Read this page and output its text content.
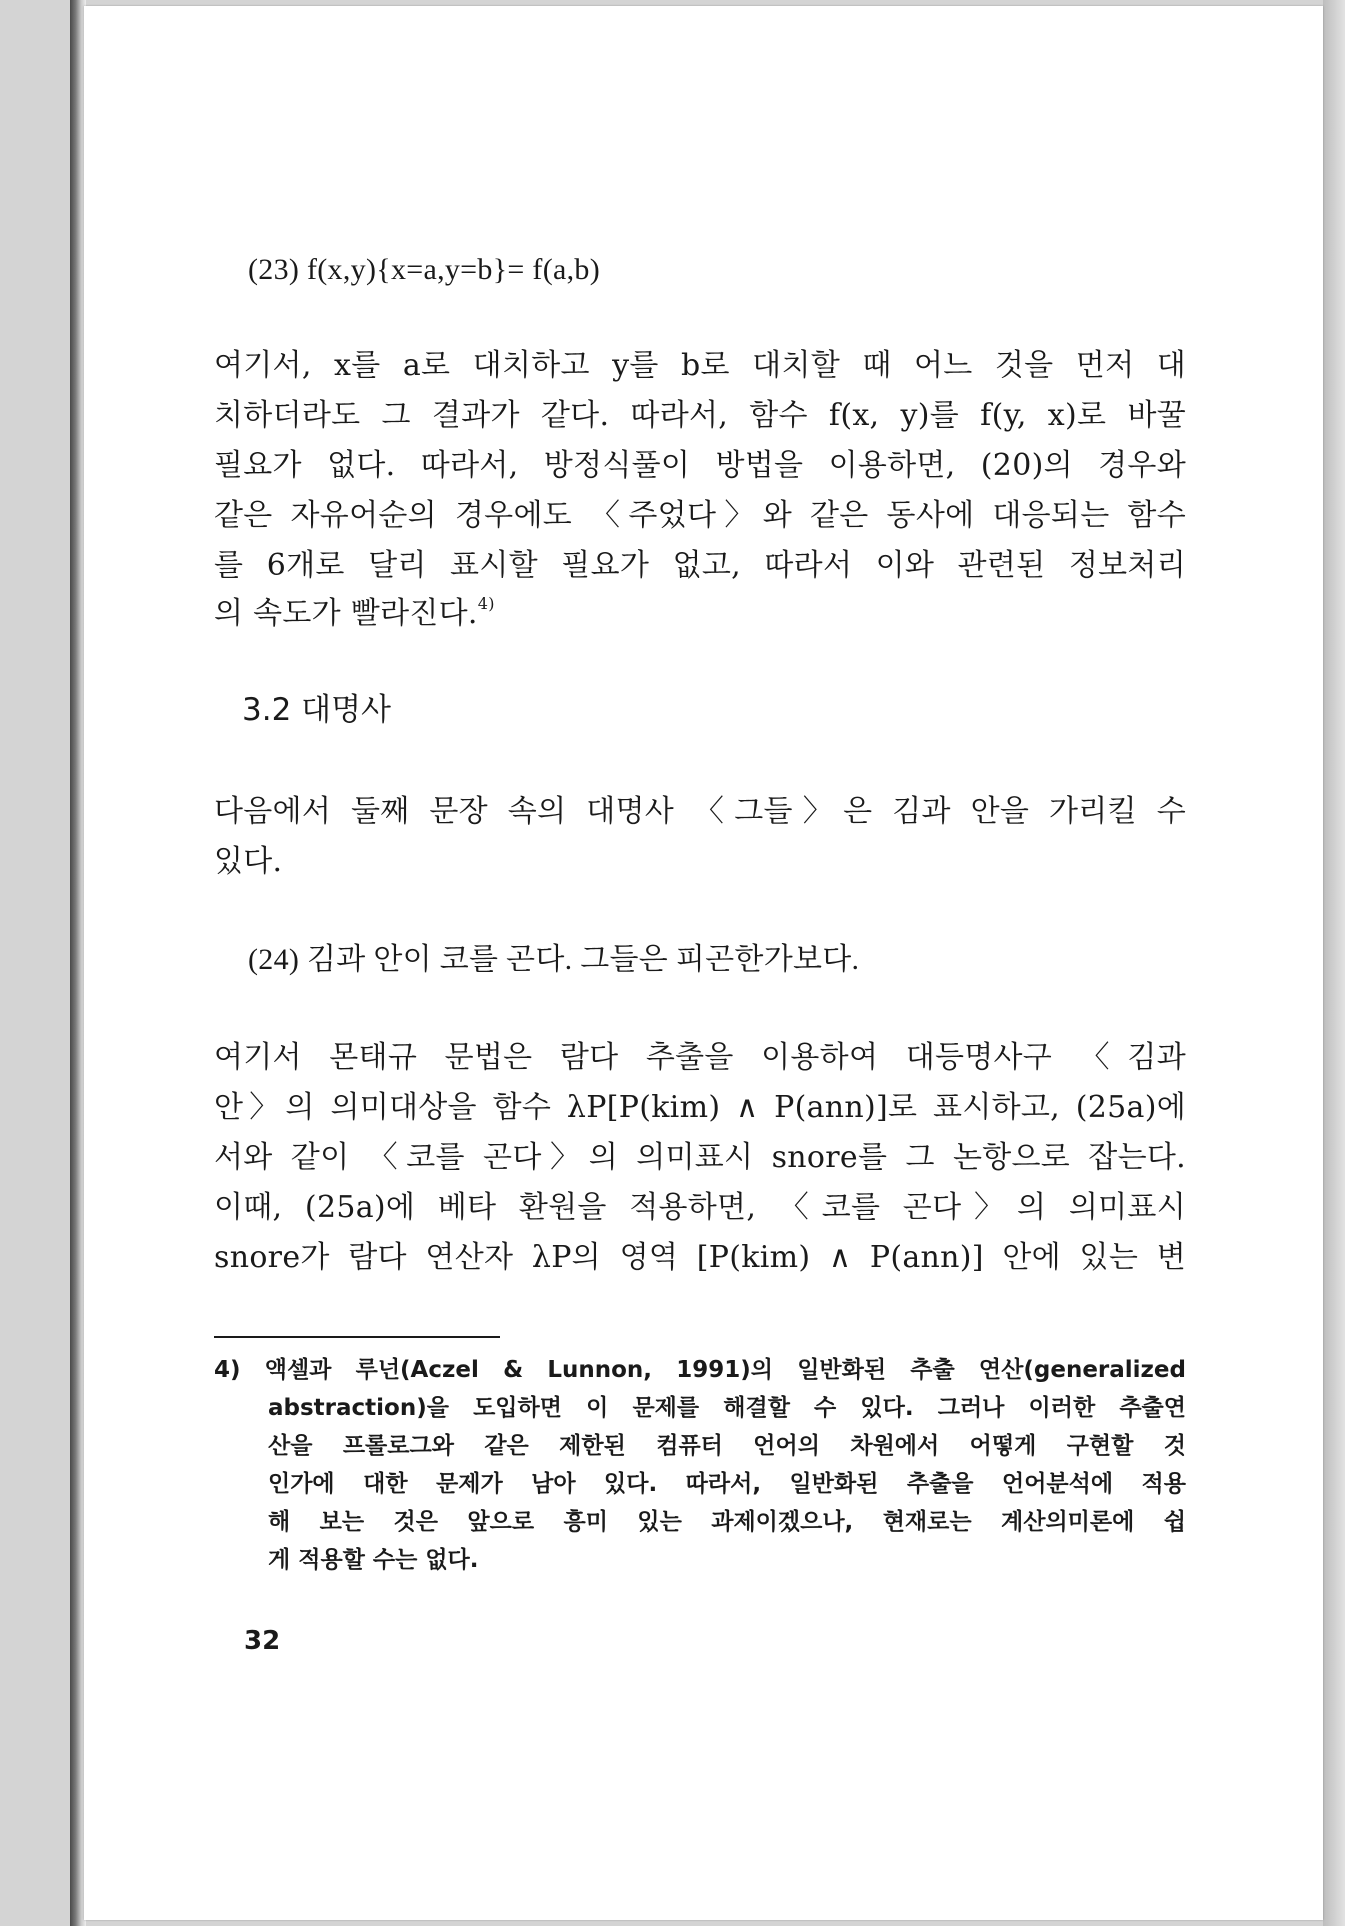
(23) f(x,y){x=a,y=b}= f(a,b)
여기서, x를 a로 대치하고 y를 b로 대치할 때 어느 것을 먼저 대
치하더라도 그 결과가 같다. 따라서, 함수 f(x, y)를 f(y, x)로 바꿀
필요가 없다. 따라서, 방정식풀이 방법을 이용하면, (20)의 경우와
같은 자유어순의 경우에도 〈주었다〉와 같은 동사에 대응되는 함수
를 6개로 달리 표시할 필요가 없고, 따라서 이와 관련된 정보처리
의 속도가 빨라진다.$^{4)}$
3.2 대명사
다음에서 둘째 문장 속의 대명사 〈그들〉은 김과 안을 가리킬 수
있다.
(24) 김과 안이 코를 곤다. 그들은 피곤한가보다.
여기서 몬태규 문법은 람다 추출을 이용하여 대등명사구 〈김과
안〉의 의미대상을 함수 λP[P(kim) ∧ P(ann)]로 표시하고, (25a)에
서와 같이 〈코를 곤다〉의 의미표시 snore를 그 논항으로 잡는다.
이때, (25a)에 베타 환원을 적용하면, 〈코를 곤다〉의 의미표시
snore가 람다 연산자 λP의 영역 [P(kim) ∧ P(ann)] 안에 있는 변
4) 액셀과 루넌(Aczel & Lunnon, 1991)의 일반화된 추출 연산(generalized
abstraction)을 도입하면 이 문제를 해결할 수 있다. 그러나 이러한 추출연
산을 프롤로그와 같은 제한된 컴퓨터 언어의 차원에서 어떻게 구현할 것
인가에 대한 문제가 남아 있다. 따라서, 일반화된 추출을 언어분석에 적용
해 보는 것은 앞으로 흥미 있는 과제이겠으나, 현재로는 계산의미론에 쉽
게 적용할 수는 없다.
32
